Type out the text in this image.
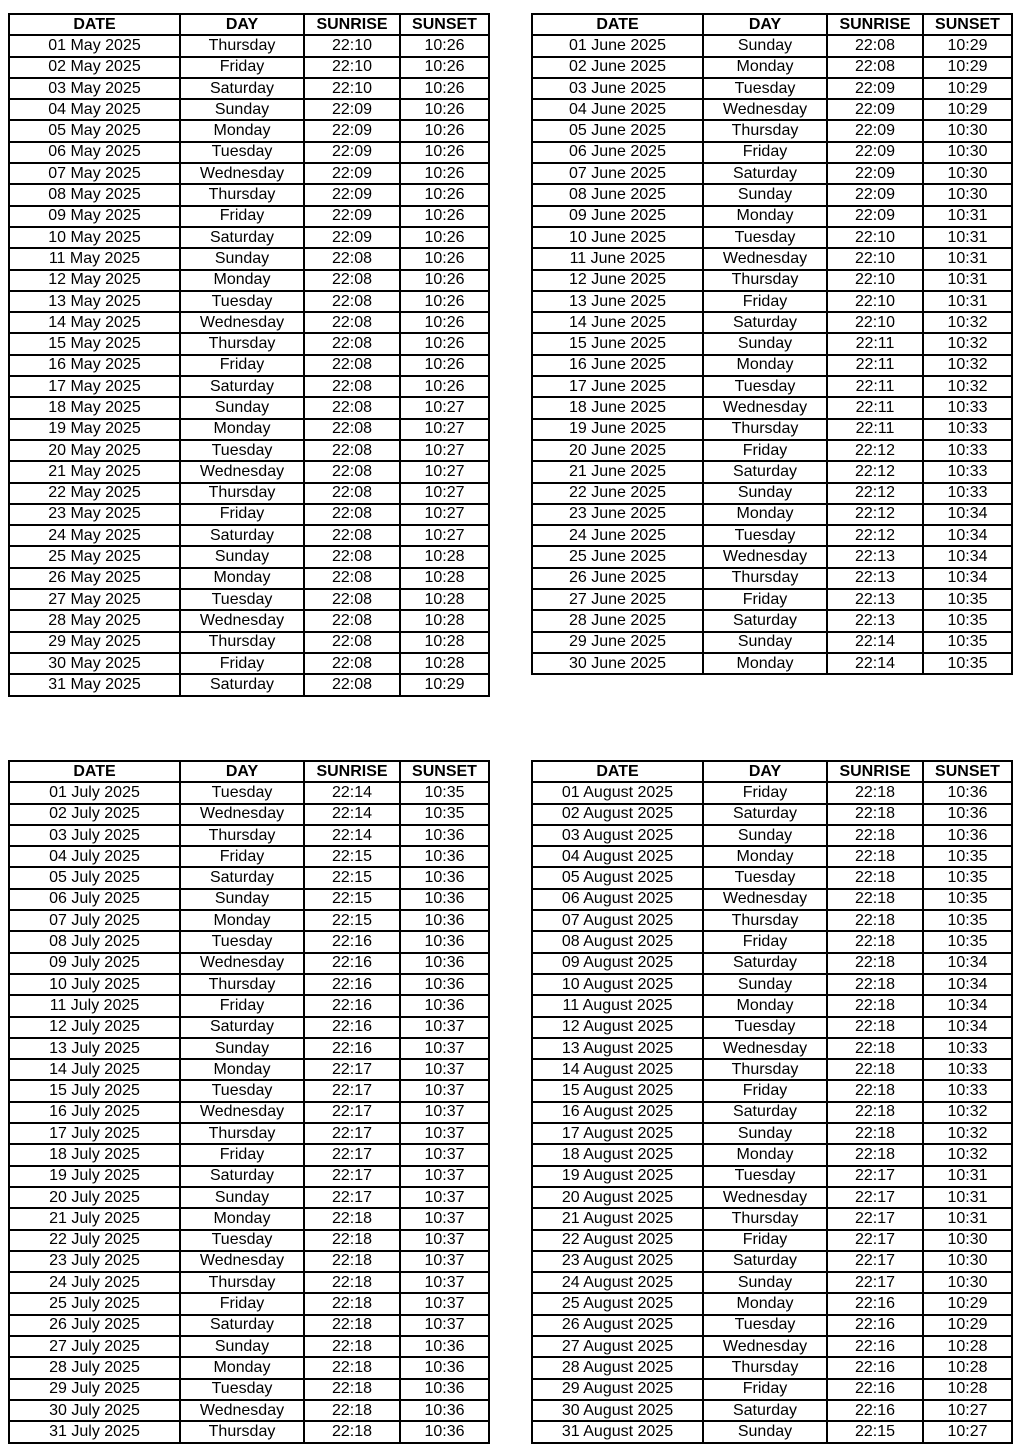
DATE	DAY	SUNRISE	SUNSET
01 May 2025	Thursday	22:10	10:26
02 May 2025	Friday	22:10	10:26
03 May 2025	Saturday	22:10	10:26
04 May 2025	Sunday	22:09	10:26
05 May 2025	Monday	22:09	10:26
06 May 2025	Tuesday	22:09	10:26
07 May 2025	Wednesday	22:09	10:26
08 May 2025	Thursday	22:09	10:26
09 May 2025	Friday	22:09	10:26
10 May 2025	Saturday	22:09	10:26
11 May 2025	Sunday	22:08	10:26
12 May 2025	Monday	22:08	10:26
13 May 2025	Tuesday	22:08	10:26
14 May 2025	Wednesday	22:08	10:26
15 May 2025	Thursday	22:08	10:26
16 May 2025	Friday	22:08	10:26
17 May 2025	Saturday	22:08	10:26
18 May 2025	Sunday	22:08	10:27
19 May 2025	Monday	22:08	10:27
20 May 2025	Tuesday	22:08	10:27
21 May 2025	Wednesday	22:08	10:27
22 May 2025	Thursday	22:08	10:27
23 May 2025	Friday	22:08	10:27
24 May 2025	Saturday	22:08	10:27
25 May 2025	Sunday	22:08	10:28
26 May 2025	Monday	22:08	10:28
27 May 2025	Tuesday	22:08	10:28
28 May 2025	Wednesday	22:08	10:28
29 May 2025	Thursday	22:08	10:28
30 May 2025	Friday	22:08	10:28
31 May 2025	Saturday	22:08	10:29
DATE	DAY	SUNRISE	SUNSET
01 June 2025	Sunday	22:08	10:29
02 June 2025	Monday	22:08	10:29
03 June 2025	Tuesday	22:09	10:29
04 June 2025	Wednesday	22:09	10:29
05 June 2025	Thursday	22:09	10:30
06 June 2025	Friday	22:09	10:30
07 June 2025	Saturday	22:09	10:30
08 June 2025	Sunday	22:09	10:30
09 June 2025	Monday	22:09	10:31
10 June 2025	Tuesday	22:10	10:31
11 June 2025	Wednesday	22:10	10:31
12 June 2025	Thursday	22:10	10:31
13 June 2025	Friday	22:10	10:31
14 June 2025	Saturday	22:10	10:32
15 June 2025	Sunday	22:11	10:32
16 June 2025	Monday	22:11	10:32
17 June 2025	Tuesday	22:11	10:32
18 June 2025	Wednesday	22:11	10:33
19 June 2025	Thursday	22:11	10:33
20 June 2025	Friday	22:12	10:33
21 June 2025	Saturday	22:12	10:33
22 June 2025	Sunday	22:12	10:33
23 June 2025	Monday	22:12	10:34
24 June 2025	Tuesday	22:12	10:34
25 June 2025	Wednesday	22:13	10:34
26 June 2025	Thursday	22:13	10:34
27 June 2025	Friday	22:13	10:35
28 June 2025	Saturday	22:13	10:35
29 June 2025	Sunday	22:14	10:35
30 June 2025	Monday	22:14	10:35
DATE	DAY	SUNRISE	SUNSET
01 July 2025	Tuesday	22:14	10:35
02 July 2025	Wednesday	22:14	10:35
03 July 2025	Thursday	22:14	10:36
04 July 2025	Friday	22:15	10:36
05 July 2025	Saturday	22:15	10:36
06 July 2025	Sunday	22:15	10:36
07 July 2025	Monday	22:15	10:36
08 July 2025	Tuesday	22:16	10:36
09 July 2025	Wednesday	22:16	10:36
10 July 2025	Thursday	22:16	10:36
11 July 2025	Friday	22:16	10:36
12 July 2025	Saturday	22:16	10:37
13 July 2025	Sunday	22:16	10:37
14 July 2025	Monday	22:17	10:37
15 July 2025	Tuesday	22:17	10:37
16 July 2025	Wednesday	22:17	10:37
17 July 2025	Thursday	22:17	10:37
18 July 2025	Friday	22:17	10:37
19 July 2025	Saturday	22:17	10:37
20 July 2025	Sunday	22:17	10:37
21 July 2025	Monday	22:18	10:37
22 July 2025	Tuesday	22:18	10:37
23 July 2025	Wednesday	22:18	10:37
24 July 2025	Thursday	22:18	10:37
25 July 2025	Friday	22:18	10:37
26 July 2025	Saturday	22:18	10:37
27 July 2025	Sunday	22:18	10:36
28 July 2025	Monday	22:18	10:36
29 July 2025	Tuesday	22:18	10:36
30 July 2025	Wednesday	22:18	10:36
31 July 2025	Thursday	22:18	10:36
DATE	DAY	SUNRISE	SUNSET
01 August 2025	Friday	22:18	10:36
02 August 2025	Saturday	22:18	10:36
03 August 2025	Sunday	22:18	10:36
04 August 2025	Monday	22:18	10:35
05 August 2025	Tuesday	22:18	10:35
06 August 2025	Wednesday	22:18	10:35
07 August 2025	Thursday	22:18	10:35
08 August 2025	Friday	22:18	10:35
09 August 2025	Saturday	22:18	10:34
10 August 2025	Sunday	22:18	10:34
11 August 2025	Monday	22:18	10:34
12 August 2025	Tuesday	22:18	10:34
13 August 2025	Wednesday	22:18	10:33
14 August 2025	Thursday	22:18	10:33
15 August 2025	Friday	22:18	10:33
16 August 2025	Saturday	22:18	10:32
17 August 2025	Sunday	22:18	10:32
18 August 2025	Monday	22:18	10:32
19 August 2025	Tuesday	22:17	10:31
20 August 2025	Wednesday	22:17	10:31
21 August 2025	Thursday	22:17	10:31
22 August 2025	Friday	22:17	10:30
23 August 2025	Saturday	22:17	10:30
24 August 2025	Sunday	22:17	10:30
25 August 2025	Monday	22:16	10:29
26 August 2025	Tuesday	22:16	10:29
27 August 2025	Wednesday	22:16	10:28
28 August 2025	Thursday	22:16	10:28
29 August 2025	Friday	22:16	10:28
30 August 2025	Saturday	22:16	10:27
31 August 2025	Sunday	22:15	10:27
